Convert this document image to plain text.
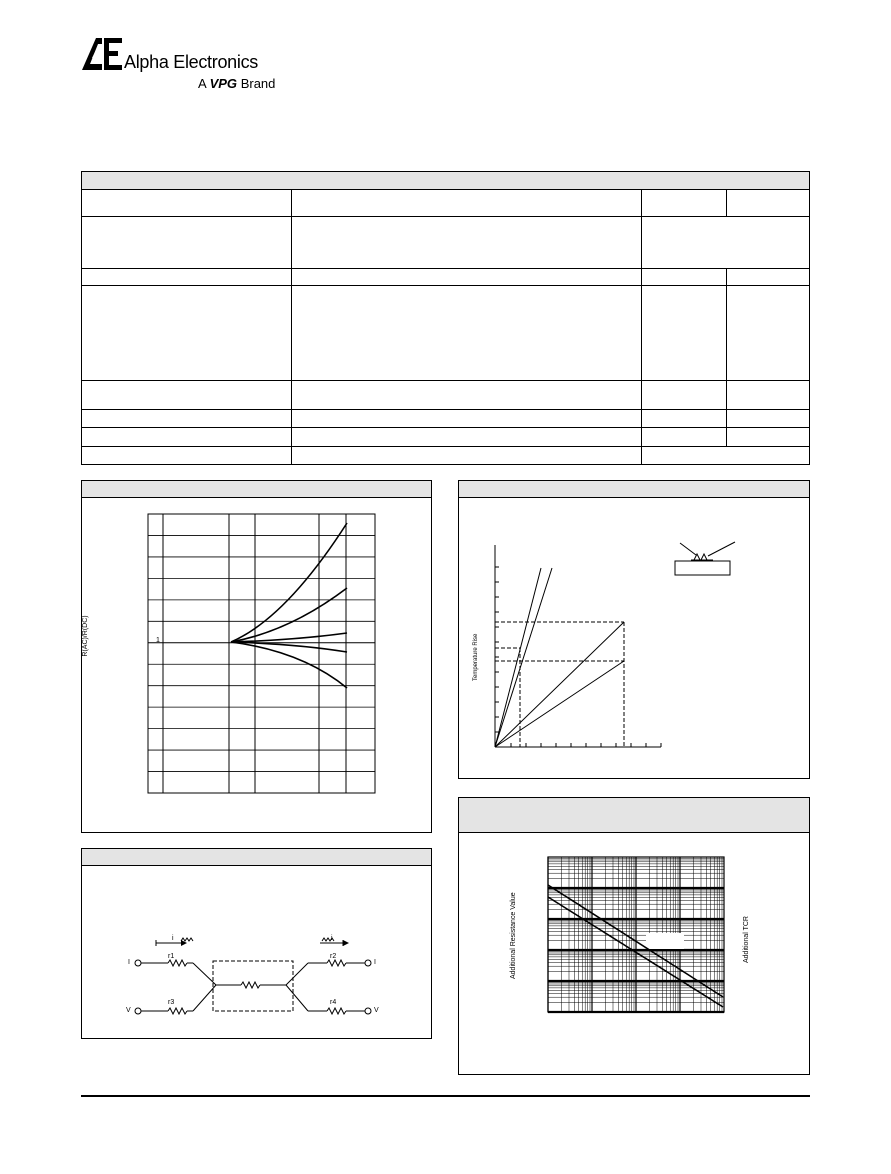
Alpha Electronics
A VPG Brand
R(AC)/R(DC)	1	Temperature Rise
Additional Resistance Value	Additional TCR
i	i
r1	r2
r3	r4
I	I
V	V
